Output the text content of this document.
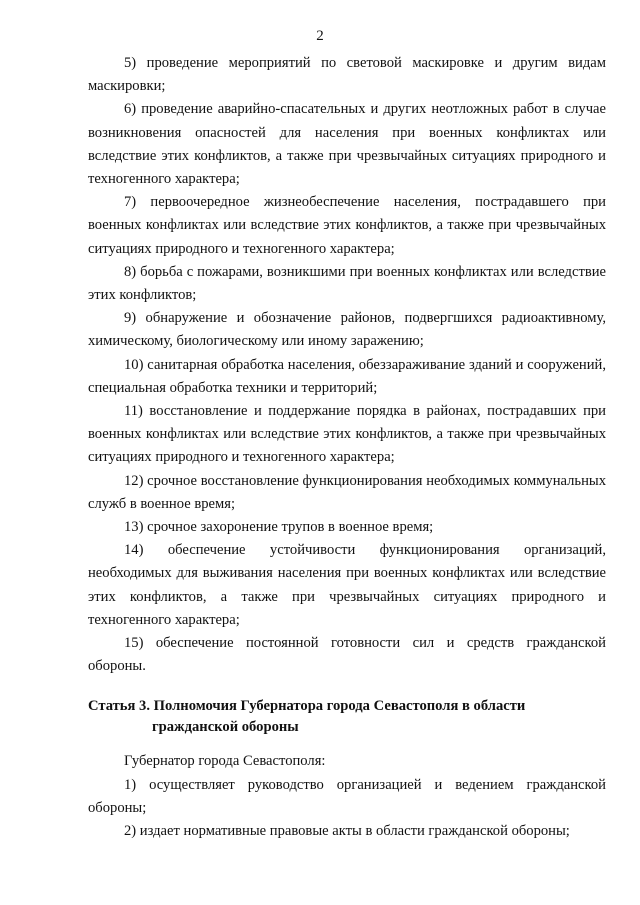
2

5) проведение мероприятий по световой маскировке и другим видам маскировки;

6) проведение аварийно-спасательных и других неотложных работ в случае возникновения опасностей для населения при военных конфликтах или вследствие этих конфликтов, а также при чрезвычайных ситуациях природного и техногенного характера;

7) первоочередное жизнеобеспечение населения, пострадавшего при военных конфликтах или вследствие этих конфликтов, а также при чрезвычайных ситуациях природного и техногенного характера;

8) борьба с пожарами, возникшими при военных конфликтах или вследствие этих конфликтов;

9) обнаружение и обозначение районов, подвергшихся радиоактивному, химическому, биологическому или иному заражению;

10) санитарная обработка населения, обеззараживание зданий и сооружений, специальная обработка техники и территорий;

11) восстановление и поддержание порядка в районах, пострадавших при военных конфликтах или вследствие этих конфликтов, а также при чрезвычайных ситуациях природного и техногенного характера;

12) срочное восстановление функционирования необходимых коммунальных служб в военное время;

13) срочное захоронение трупов в военное время;

14) обеспечение устойчивости функционирования организаций, необходимых для выживания населения при военных конфликтах или вследствие этих конфликтов, а также при чрезвычайных ситуациях природного и техногенного характера;

15) обеспечение постоянной готовности сил и средств гражданской обороны.

Статья 3. Полномочия Губернатора города Севастополя в области гражданской обороны

Губернатор города Севастополя:

1) осуществляет руководство организацией и ведением гражданской обороны;

2) издает нормативные правовые акты в области гражданской обороны;
